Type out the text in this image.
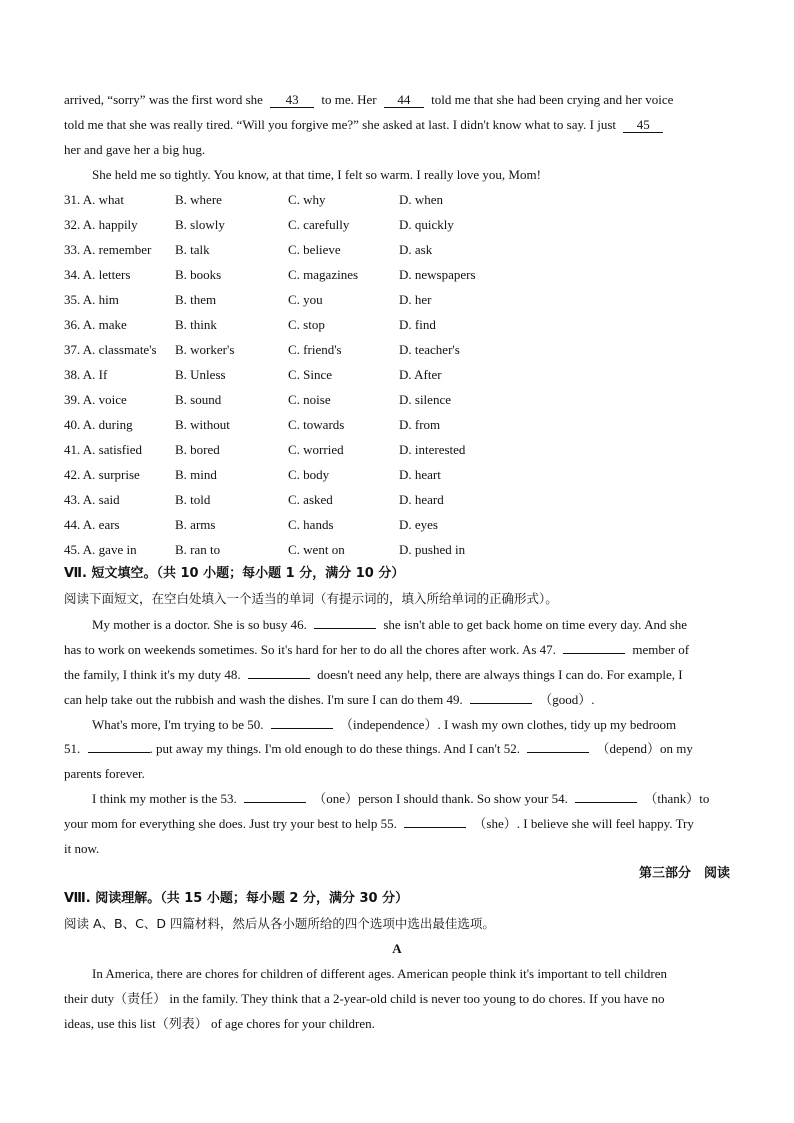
arrived, “sorry” was the first word she 43 to me. Her 44 told me that she had been crying and her voice
told me that she was really tired. “Will you forgive me?” she asked at last. I didn't know what to say. I just 45
her and gave her a big hug.
She held me so tightly. You know, at that time, I felt so warm. I really love you, Mom!
31. A. what	B. where	C. why	D. when
32. A. happily	B. slowly	C. carefully	D. quickly
33. A. remember B. talk	C. believe	D. ask
34. A. letters	B. books	C. magazines	D. newspapers
35. A. him	B. them	C. you	D. her
36. A. make	B. think	C. stop	D. find
37. A. classmate's B. worker's	C. friend's	D. teacher's
38. A. If	B. Unless	C. Since	D. After
39. A. voice	B. sound	C. noise	D. silence
40. A. during	B. without	C. towards	D. from
41. A. satisfied	B. bored	C. worried	D. interested
42. A. surprise	B. mind	C. body	D. heart
43. A. said	B. told	C. asked	D. heard
44. A. ears	B. arms	C. hands	D. eyes
45. A. gave in	B. ran to	C. went on	D. pushed in
Ⅶ. 短文填空。（共 10 小题；每小题 1 分，满分 10 分）
阅读下面短文，在空白处填入一个适当的单词（有提示词的，填入所给单词的正确形式）。
My mother is a doctor. She is so busy 46.	she isn't able to get back home on time every day. And she
has to work on weekends sometimes. So it's hard for her to do all the chores after work. As 47.	member of
the family, I think it's my duty 48.	doesn't need any help, there are always things I can do. For example, I
can help take out the rubbish and wash the dishes. I'm sure I can do them 49.	（good）.
What's more, I'm trying to be 50.	（independence）. I wash my own clothes, tidy up my bedroom
51.	. put away my things. I'm old enough to do these things. And I can't 52.	（depend）on my
parents forever.
I think my mother is the 53.	（one）person I should thank. So show your 54.	（thank）to
your mom for everything she does. Just try your best to help 55.	（she）. I believe she will feel happy. Try
it now.
第三部分　阅读
Ⅷ. 阅读理解。（共 15 小题；每小题 2 分，满分 30 分）
阅读 A、B、C、D 四篇材料，然后从各小题所给的四个选项中选出最佳选项。
A
In America, there are chores for children of different ages. American people think it's important to tell children
their duty（责任） in the family. They think that a 2-year-old child is never too young to do chores. If you have no
ideas, use this list（列表） of age chores for your children.
